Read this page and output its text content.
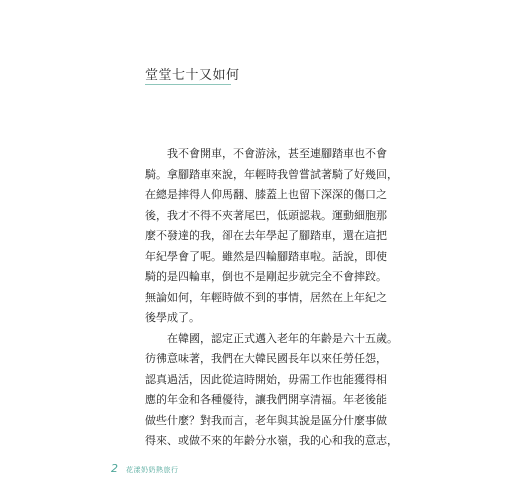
堂堂七十又如何
我不會開車，不會游泳，甚至連腳踏車也不會
騎。拿腳踏車來說，年輕時我曾嘗試著騎了好幾回，
在總是摔得人仰馬翻、膝蓋上也留下深深的傷口之
後，我才不得不夾著尾巴，低頭認栽。運動細胞那
麼不發達的我，卻在去年學起了腳踏車，還在這把
年紀學會了呢。雖然是四輪腳踏車啦。話說，即使
騎的是四輪車，倒也不是剛起步就完全不會摔跤。
無論如何，年輕時做不到的事情，居然在上年紀之
後學成了。
在韓國，認定正式邁入老年的年齡是六十五歲。
彷彿意味著，我們在大韓民國長年以來任勞任怨，
認真過活，因此從這時開始，毋需工作也能獲得相
應的年金和各種優待，讓我們開享清福。年老後能
做些什麼？對我而言，老年與其說是區分什麼事做
得來、或做不來的年齡分水嶺，我的心和我的意志，
2 花漾奶奶熱旅行
